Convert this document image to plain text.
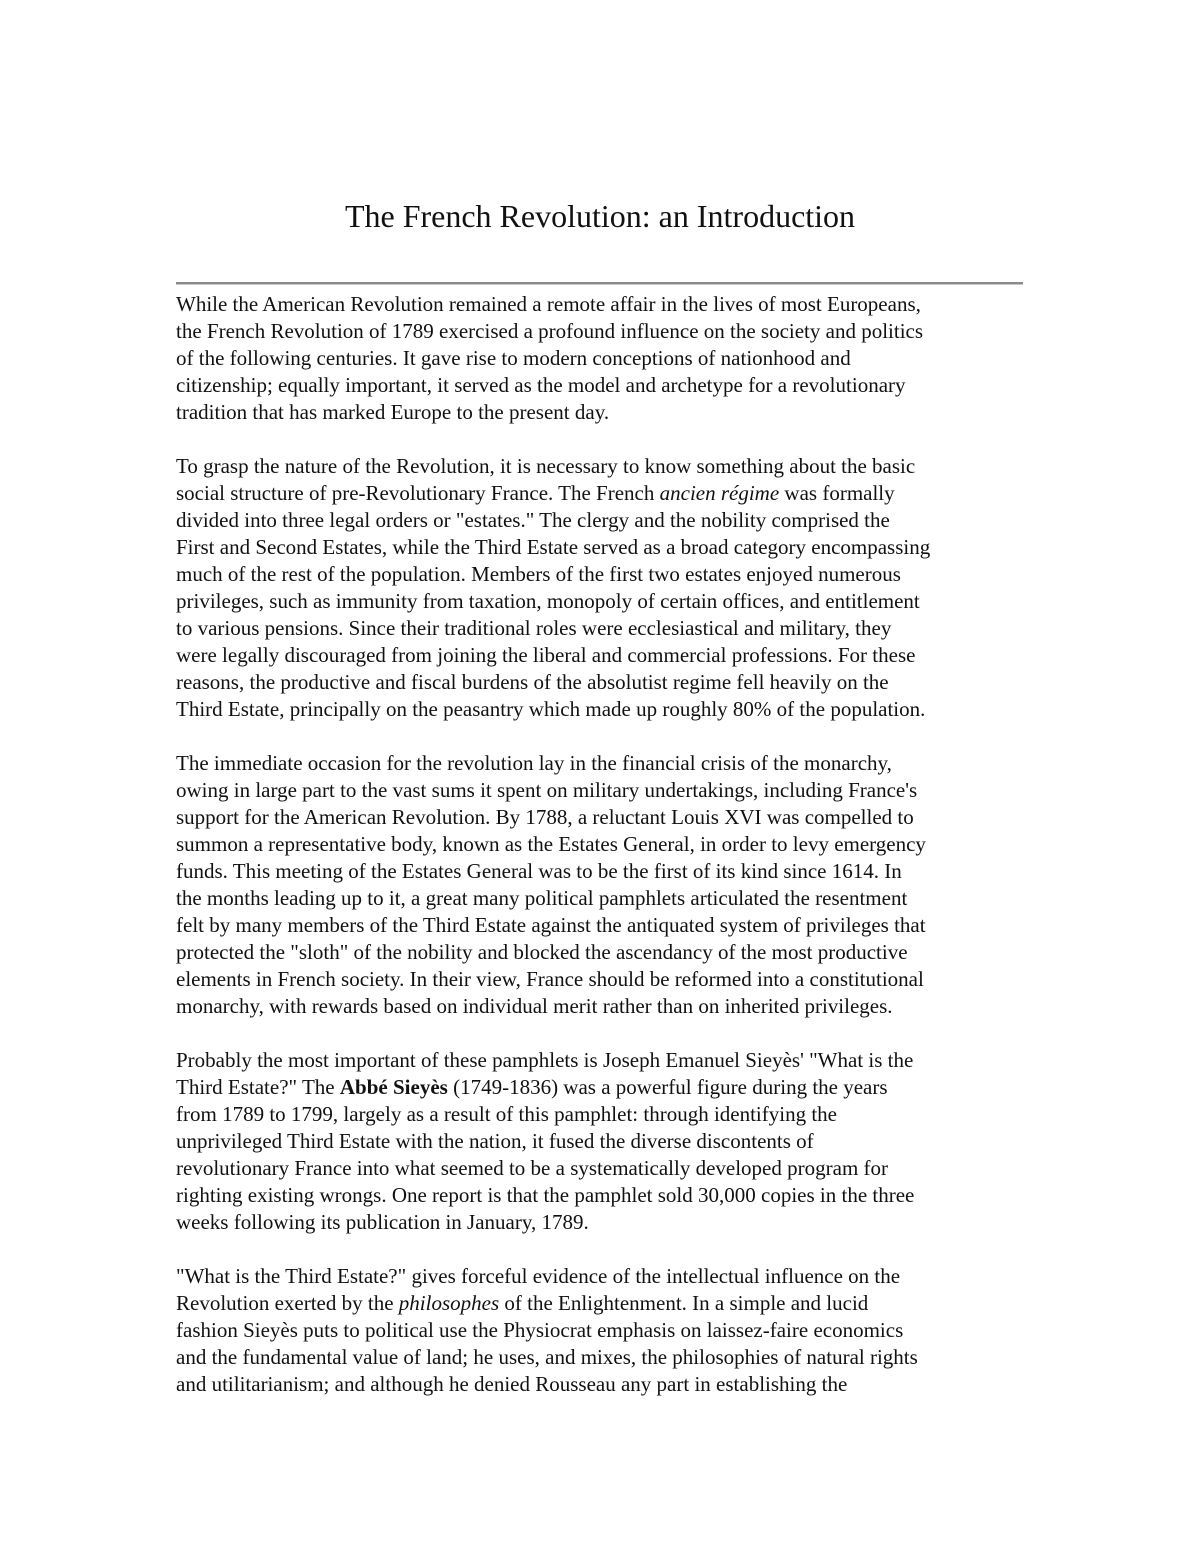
The French Revolution: an Introduction

While the American Revolution remained a remote affair in the lives of most Europeans,
the French Revolution of 1789 exercised a profound influence on the society and politics
of the following centuries. It gave rise to modern conceptions of nationhood and
citizenship; equally important, it served as the model and archetype for a revolutionary
tradition that has marked Europe to the present day.

To grasp the nature of the Revolution, it is necessary to know something about the basic
social structure of pre-Revolutionary France. The French ancien régime was formally
divided into three legal orders or "estates." The clergy and the nobility comprised the
First and Second Estates, while the Third Estate served as a broad category encompassing
much of the rest of the population. Members of the first two estates enjoyed numerous
privileges, such as immunity from taxation, monopoly of certain offices, and entitlement
to various pensions. Since their traditional roles were ecclesiastical and military, they
were legally discouraged from joining the liberal and commercial professions. For these
reasons, the productive and fiscal burdens of the absolutist regime fell heavily on the
Third Estate, principally on the peasantry which made up roughly 80% of the population.

The immediate occasion for the revolution lay in the financial crisis of the monarchy,
owing in large part to the vast sums it spent on military undertakings, including France's
support for the American Revolution. By 1788, a reluctant Louis XVI was compelled to
summon a representative body, known as the Estates General, in order to levy emergency
funds. This meeting of the Estates General was to be the first of its kind since 1614. In
the months leading up to it, a great many political pamphlets articulated the resentment
felt by many members of the Third Estate against the antiquated system of privileges that
protected the "sloth" of the nobility and blocked the ascendancy of the most productive
elements in French society. In their view, France should be reformed into a constitutional
monarchy, with rewards based on individual merit rather than on inherited privileges.

Probably the most important of these pamphlets is Joseph Emanuel Sieyès' "What is the
Third Estate?" The Abbé Sieyès (1749-1836) was a powerful figure during the years
from 1789 to 1799, largely as a result of this pamphlet: through identifying the
unprivileged Third Estate with the nation, it fused the diverse discontents of
revolutionary France into what seemed to be a systematically developed program for
righting existing wrongs. One report is that the pamphlet sold 30,000 copies in the three
weeks following its publication in January, 1789.

"What is the Third Estate?" gives forceful evidence of the intellectual influence on the
Revolution exerted by the philosophes of the Enlightenment. In a simple and lucid
fashion Sieyès puts to political use the Physiocrat emphasis on laissez-faire economics
and the fundamental value of land; he uses, and mixes, the philosophies of natural rights
and utilitarianism; and although he denied Rousseau any part in establishing the
